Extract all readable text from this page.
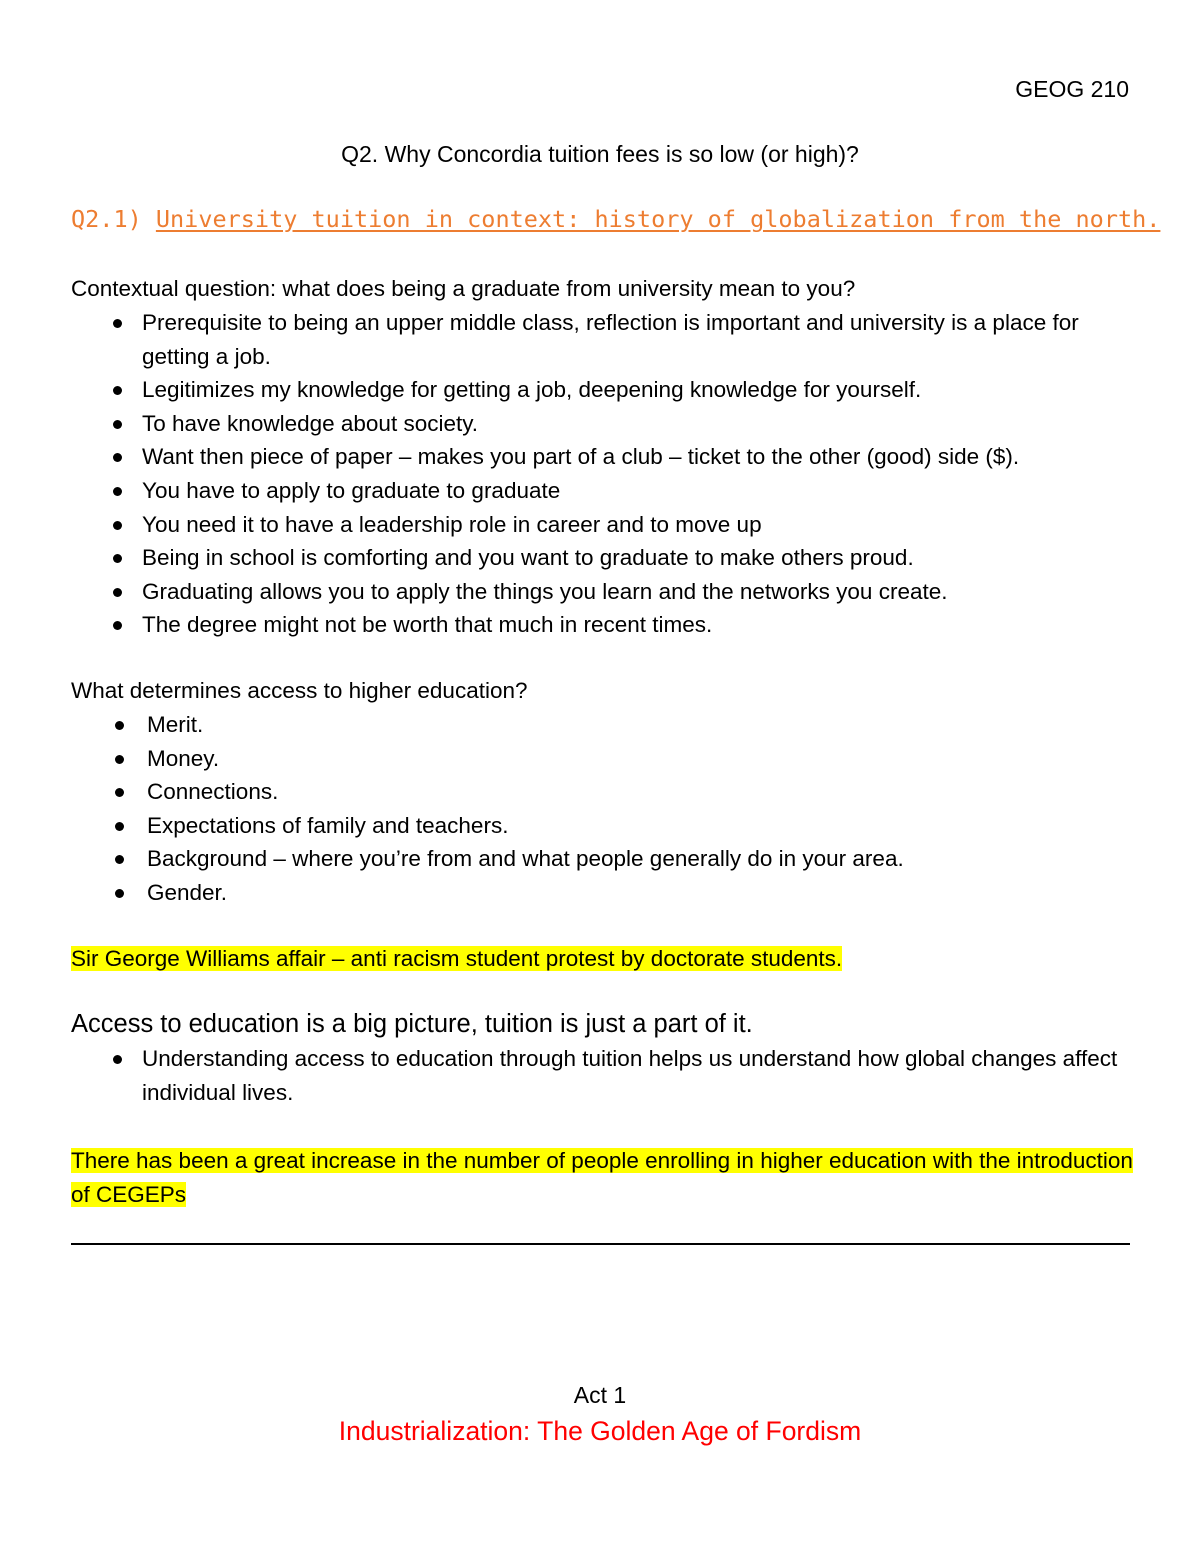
GEOG 210
Q2. Why Concordia tuition fees is so low (or high)?
Q2.1) University tuition in context: history of globalization from the north.
Contextual question: what does being a graduate from university mean to you?
Prerequisite to being an upper middle class, reflection is important and university is a place for getting a job.
Legitimizes my knowledge for getting a job, deepening knowledge for yourself.
To have knowledge about society.
Want then piece of paper – makes you part of a club – ticket to the other (good) side ($).
You have to apply to graduate to graduate
You need it to have a leadership role in career and to move up
Being in school is comforting and you want to graduate to make others proud.
Graduating allows you to apply the things you learn and the networks you create.
The degree might not be worth that much in recent times.
What determines access to higher education?
Merit.
Money.
Connections.
Expectations of family and teachers.
Background – where you’re from and what people generally do in your area.
Gender.
Sir George Williams affair – anti racism student protest by doctorate students.
Access to education is a big picture, tuition is just a part of it.
Understanding access to education through tuition helps us understand how global changes affect individual lives.
There has been a great increase in the number of people enrolling in higher education with the introduction of CEGEPs
Act 1
Industrialization: The Golden Age of Fordism
